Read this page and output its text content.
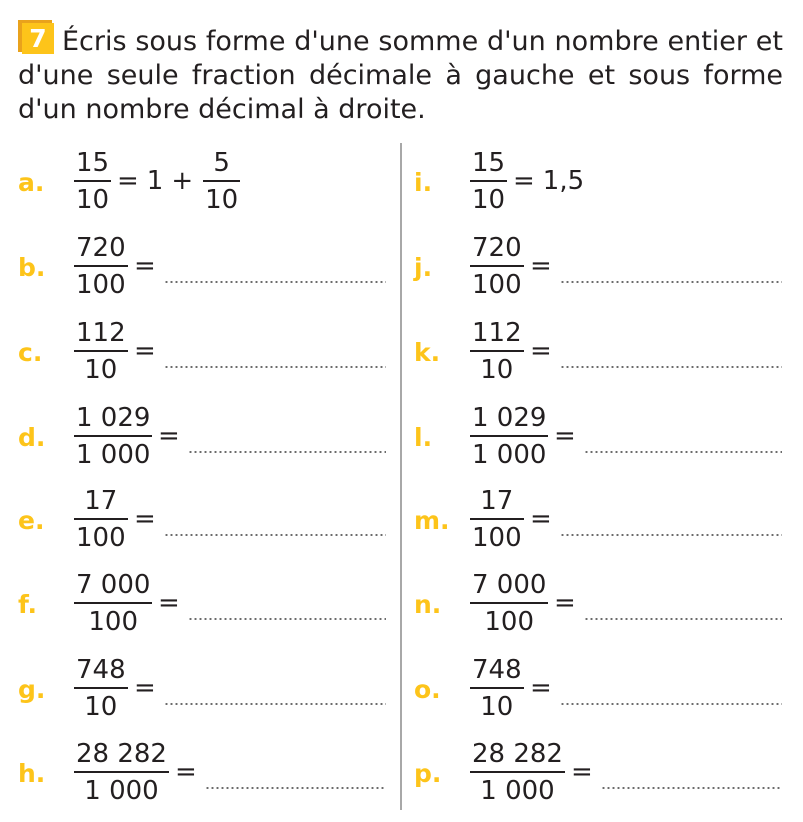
7 Écris sous forme d'une somme d'un nombre entier et d'une seule fraction décimale à gauche et sous forme d'un nombre décimal à droite.
a.
15
10
= $1 + \frac{5}{10}$
b.
720
100
=
c.
112
10
=
d.
1 029
1 000
=
e.
17
100
=
f.
7 000
100
=
g.
748
10
=
h.
28 282
1 000
=
i.
15
10
= 1,5
j.
720
100
=
k.
112
10
=
l.
1 029
1 000
=
m.
17
100
=
n.
7 000
100
=
o.
748
10
=
p.
28 282
1 000
=
